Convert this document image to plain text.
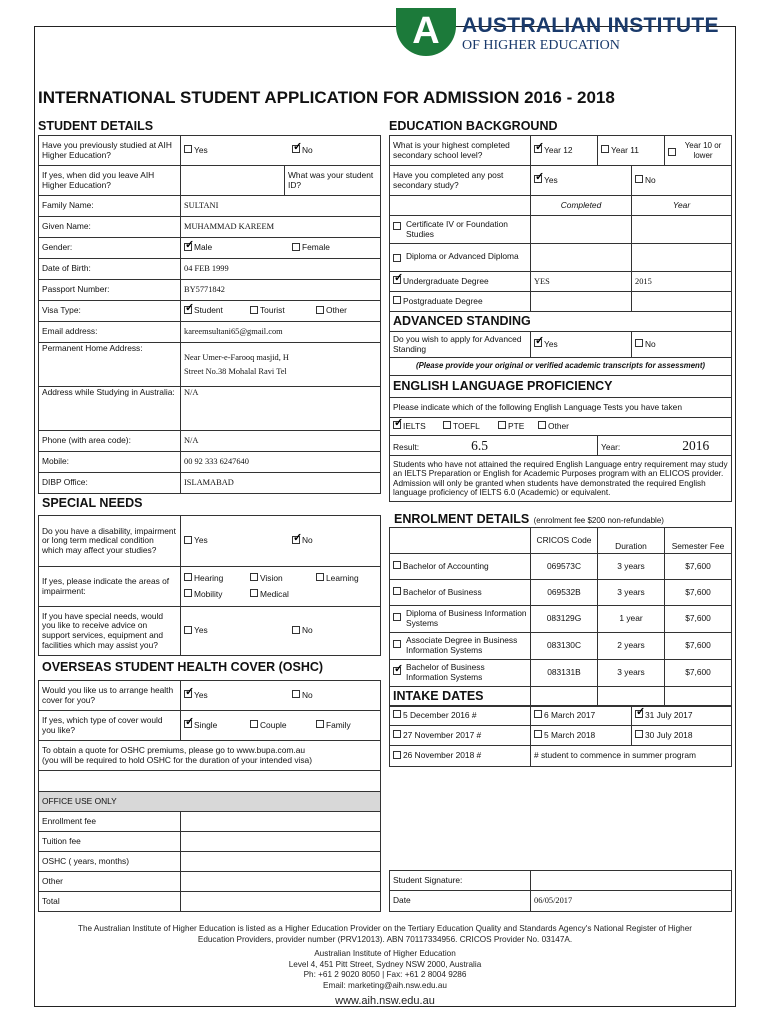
A	AUSTRALIAN INSTITUTE
OF HIGHER EDUCATION
INTERNATIONAL STUDENT APPLICATION FOR ADMISSION 2016 - 2018
STUDENT DETAILS
Have you previously studied at AIH Higher Education?	Yes ✓ No
If yes, when did you leave AIH Higher Education?		What was your student ID?
Family Name:	SULTANI	
Given Name:	MUHAMMAD KAREEM	
Gender:	✓Male Female
Date of Birth:	04 FEB 1999	
Passport Number:	BY5771842	
Visa Type:	✓Student Tourist Other
Email address:	kareemsultani65@gmail.com	
Permanent Home Address:	Near Umer-e-Farooq masjid, H
Street No.38 Mohalal Ravi Tel	

Address while Studying in Australia:	N/A	
Phone (with area code):	N/A	
Mobile:	00 92 333 6247640	
DIBP Office:	ISLAMABAD	
SPECIAL NEEDS
Do you have a disability, impairment or long term medical condition which may affect your studies?	Yes ✓ No
If yes, please indicate the areas of impairment:	Hearing Vision Learning
Mobility Medical

If you have special needs, would you like to receive advice on support services, equipment and facilities which may assist you?	Yes No
OVERSEAS STUDENT HEALTH COVER (OSHC)
Would you like us to arrange health cover for you?	✓Yes No
If yes, which type of cover would you like?	✓Single Couple Family

To obtain a quote for OSHC premiums, please go to www.bupa.com.au
(you will be required to hold OSHC for the duration of your intended visa)	

OFFICE USE ONLY	
Enrollment fee	
Tuition fee	
OSHC ( years, months)	
Other	
Total	
EDUCATION BACKGROUND
What is your highest completed secondary school level?	✓Year 12	Year 11		Year 10 or lower

Have you completed any post secondary study?	✓Yes		No	
	Completed		Year	

Certificate IV or Foundation Studies				

Diploma or Advanced Diploma				

✓Undergraduate Degree	YES		2015	
Postgraduate Degree				
ADVANCED STANDING				
Do you wish to apply for Advanced Standing	✓Yes		No	
(Please provide your original or verified academic transcripts for assessment)				
ENGLISH LANGUAGE PROFICIENCY				
Please indicate which of the following English Language Tests you have taken				
✓IELTS TOEFL PTE Other
Result: 6.5		Year: 2016		
Students who have not attained the required English Language entry requirement may study an IELTS Preparation or English for Academic Purposes program with an ELICOS provider. Admission will only be granted when students have demonstrated the required English language proficiency of IELTS 6.0 (Academic) or equivalent.				
ENROLMENT DETAILS (enrolment fee $200 non-refundable)
	CRICOS Code	Duration	Semester Fee
Bachelor of Accounting	069573C	3 years	$7,600
Bachelor of Business	069532B	3 years	$7,600

Diploma of Business Information Systems	083129G	1 year	$7,600

Associate Degree in Business Information Systems	083130C	2 years	$7,600

✓
Bachelor of Business Information Systems	083131B	3 years	$7,600
INTAKE DATES			
5 December 2016 #	6 March 2017	✓31 July 2017
27 November 2017 #	5 March 2018	30 July 2018
26 November 2018 #	# student to commence in summer program	
Student Signature:	
Date	06/05/2017
The Australian Institute of Higher Education is listed as a Higher Education Provider on the Tertiary Education Quality and Standards Agency's National Register of Higher
Education Providers, provider number (PRV12013). ABN 70117334956. CRICOS Provider No. 03147A.
Australian Institute of Higher Education
Level 4, 451 Pitt Street, Sydney NSW 2000, Australia
Ph: +61 2 9020 8050 | Fax: +61 2 8004 9286
Email: marketing@aih.nsw.edu.au
www.aih.nsw.edu.au
